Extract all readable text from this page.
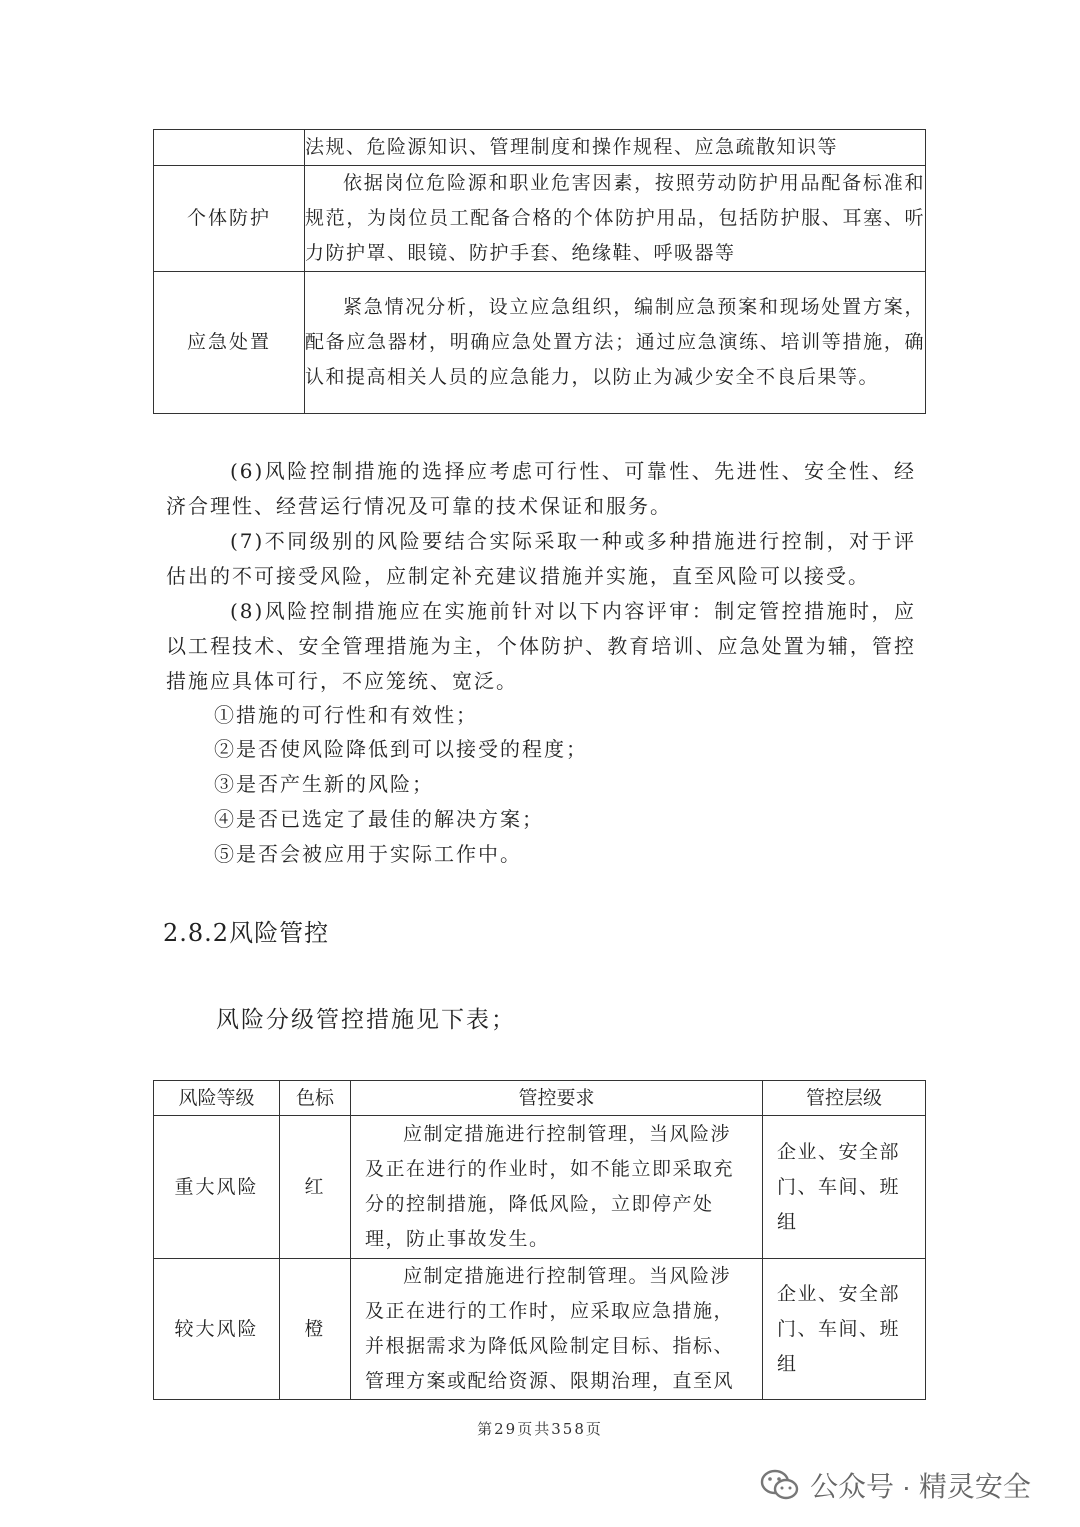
	法规、危险源知识、管理制度和操作规程、应急疏散知识等
个体防护	依据岗位危险源和职业危害因素，按照劳动防护用品配备标准和规范，为岗位员工配备合格的个体防护用品，包括防护服、耳塞、听力防护罩、眼镜、防护手套、绝缘鞋、呼吸器等
应急处置	紧急情况分析，设立应急组织，编制应急预案和现场处置方案，配备应急器材，明确应急处置方法；通过应急演练、培训等措施，确认和提高相关人员的应急能力，以防止为减少安全不良后果等。

(6)风险控制措施的选择应考虑可行性、可靠性、先进性、安全性、经济合理性、经营运行情况及可靠的技术保证和服务。

(7)不同级别的风险要结合实际采取一种或多种措施进行控制，对于评估出的不可接受风险，应制定补充建议措施并实施，直至风险可以接受。

(8)风险控制措施应在实施前针对以下内容评审：制定管控措施时，应以工程技术、安全管理措施为主，个体防护、教育培训、应急处置为辅，管控措施应具体可行，不应笼统、宽泛。

①措施的可行性和有效性；

②是否使风险降低到可以接受的程度；

③是否产生新的风险；

④是否已选定了最佳的解决方案；

⑤是否会被应用于实际工作中。

2.8.2风险管控

风险分级管控措施见下表；

风险等级	色标	管控要求	管控层级
重大风险	红	应制定措施进行控制管理，当风险涉及正在进行的作业时，如不能立即采取充分的控制措施，降低风险，立即停产处理，防止事故发生。	企业、安全部门、车间、班组
较大风险	橙	应制定措施进行控制管理。当风险涉及正在进行的工作时，应采取应急措施，并根据需求为降低风险制定目标、指标、管理方案或配给资源、限期治理，直至风	企业、安全部门、车间、班组

第29页共358页

公众号 · 精灵安全
